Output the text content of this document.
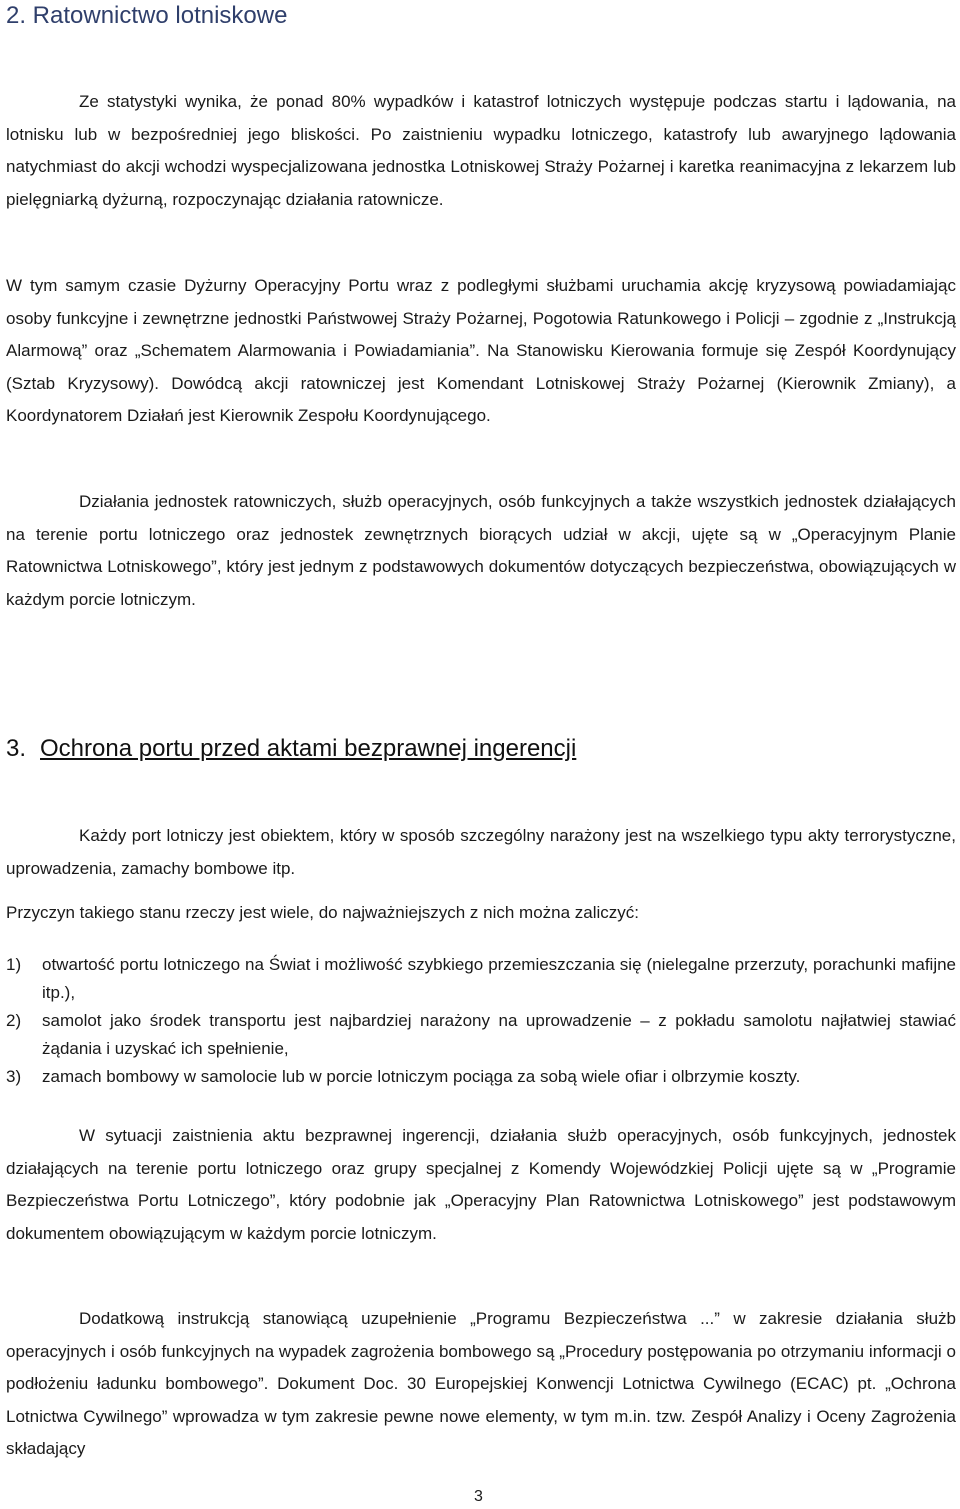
2. Ratownictwo lotniskowe

Ze statystyki wynika, że ponad 80% wypadków i katastrof lotniczych występuje podczas startu i lądowania, na lotnisku lub w bezpośredniej jego bliskości. Po zaistnieniu wypadku lotniczego, katastrofy lub awaryjnego lądowania natychmiast do akcji wchodzi wyspecjalizowana jednostka Lotniskowej Straży Pożarnej i karetka reanimacyjna z lekarzem lub pielęgniarką dyżurną, rozpoczynając działania ratownicze.

W tym samym czasie Dyżurny Operacyjny Portu wraz z podległymi służbami uruchamia akcję kryzysową powiadamiając osoby funkcyjne i zewnętrzne jednostki Państwowej Straży Pożarnej, Pogotowia Ratunkowego i Policji – zgodnie z „Instrukcją Alarmową” oraz „Schematem Alarmowania i Powiadamiania”. Na Stanowisku Kierowania formuje się Zespół Koordynujący (Sztab Kryzysowy). Dowódcą akcji ratowniczej jest Komendant Lotniskowej Straży Pożarnej (Kierownik Zmiany), a Koordynatorem Działań jest Kierownik Zespołu Koordynującego.

Działania jednostek ratowniczych, służb operacyjnych, osób funkcyjnych a także wszystkich jednostek działających na terenie portu lotniczego oraz jednostek zewnętrznych biorących udział w akcji, ujęte są w „Operacyjnym Planie Ratownictwa Lotniskowego”, który jest jednym z podstawowych dokumentów dotyczących bezpieczeństwa, obowiązujących w każdym porcie lotniczym.

3. Ochrona portu przed aktami bezprawnej ingerencji

Każdy port lotniczy jest obiektem, który w sposób szczególny narażony jest na wszelkiego typu akty terrorystyczne, uprowadzenia, zamachy bombowe itp.

Przyczyn takiego stanu rzeczy jest wiele, do najważniejszych z nich można zaliczyć:

1) otwartość portu lotniczego na Świat i możliwość szybkiego przemieszczania się (nielegalne przerzuty, porachunki mafijne itp.),
2) samolot jako środek transportu jest najbardziej narażony na uprowadzenie – z pokładu samolotu najłatwiej stawiać żądania i uzyskać ich spełnienie,
3) zamach bombowy w samolocie lub w porcie lotniczym pociąga za sobą wiele ofiar i olbrzymie koszty.

W sytuacji zaistnienia aktu bezprawnej ingerencji, działania służb operacyjnych, osób funkcyjnych, jednostek działających na terenie portu lotniczego oraz grupy specjalnej z Komendy Wojewódzkiej Policji ujęte są w „Programie Bezpieczeństwa Portu Lotniczego”, który podobnie jak „Operacyjny Plan Ratownictwa Lotniskowego” jest podstawowym dokumentem obowiązującym w każdym porcie lotniczym.

Dodatkową instrukcją stanowiącą uzupełnienie „Programu Bezpieczeństwa ...” w zakresie działania służb operacyjnych i osób funkcyjnych na wypadek zagrożenia bombowego są „Procedury postępowania po otrzymaniu informacji o podłożeniu ładunku bombowego”. Dokument Doc. 30 Europejskiej Konwencji Lotnictwa Cywilnego (ECAC) pt. „Ochrona Lotnictwa Cywilnego” wprowadza w tym zakresie pewne nowe elementy, w tym m.in. tzw. Zespół Analizy i Oceny Zagrożenia składający

3
